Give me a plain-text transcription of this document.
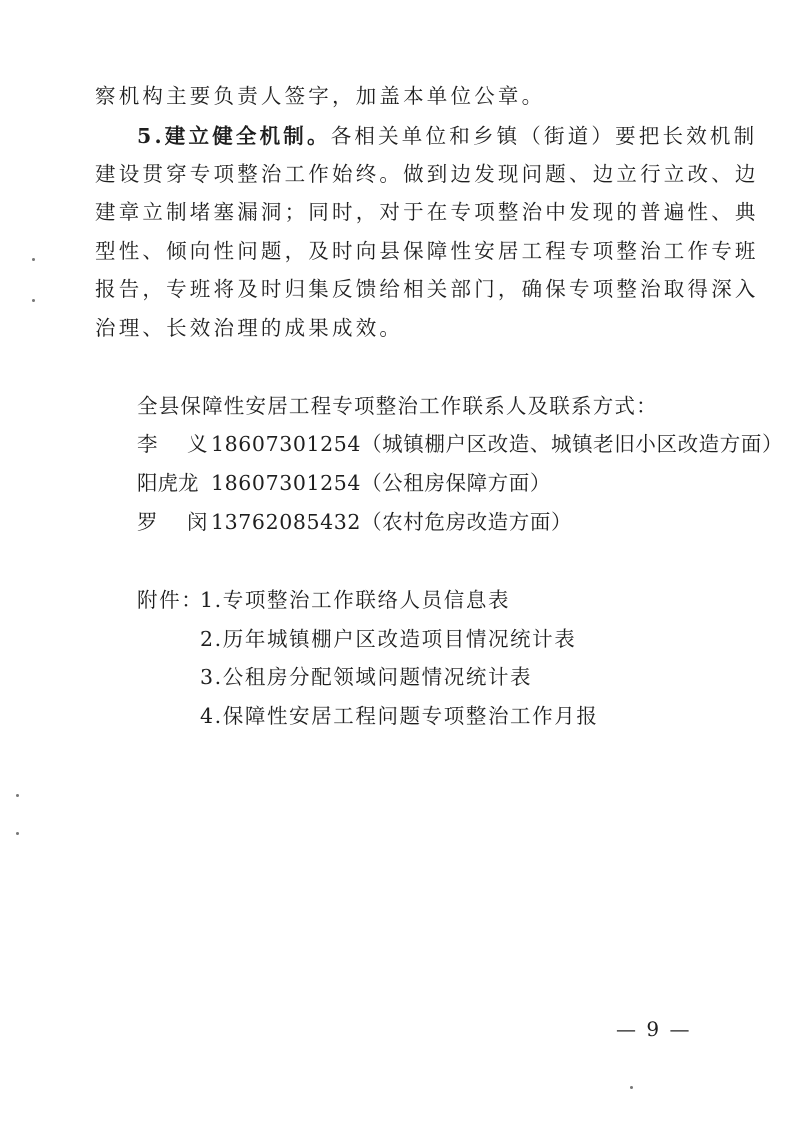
察机构主要负责人签字，加盖本单位公章。
5.建立健全机制。各相关单位和乡镇（街道）要把长效机制
建设贯穿专项整治工作始终。做到边发现问题、边立行立改、边
建章立制堵塞漏洞；同时，对于在专项整治中发现的普遍性、典
型性、倾向性问题，及时向县保障性安居工程专项整治工作专班
报告，专班将及时归集反馈给相关部门，确保专项整治取得深入
治理、长效治理的成果成效。
全县保障性安居工程专项整治工作联系人及联系方式：
李 义 18607301254（城镇棚户区改造、城镇老旧小区改造方面）
阳虎龙 18607301254（公租房保障方面）
罗 闵 13762085432（农村危房改造方面）
附件：
1.专项整治工作联络人员信息表
2.历年城镇棚户区改造项目情况统计表
3.公租房分配领域问题情况统计表
4.保障性安居工程问题专项整治工作月报
— 9 —
